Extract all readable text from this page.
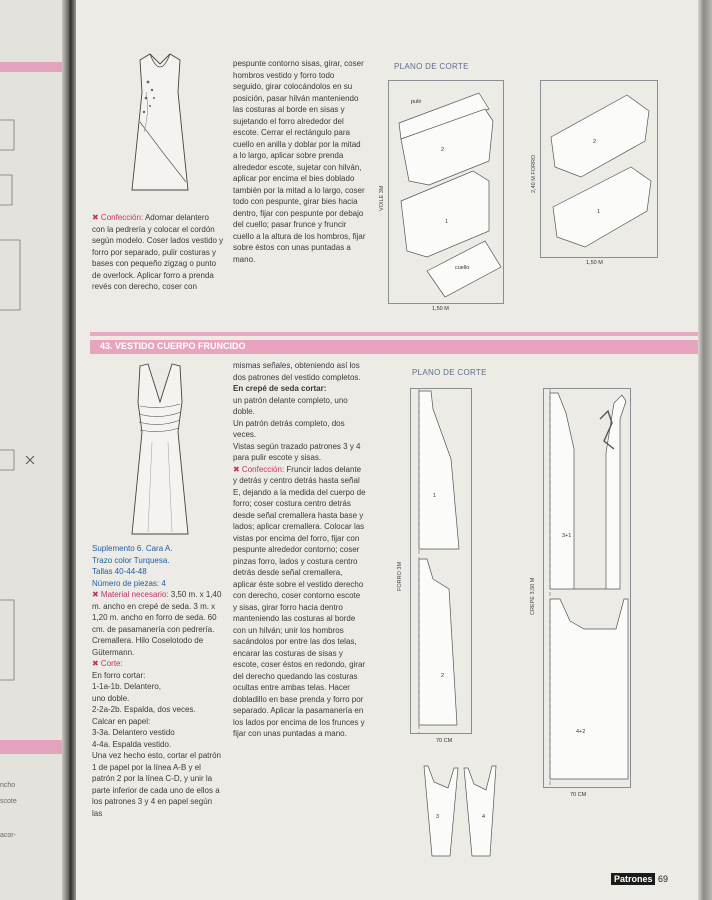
ncho
scote
acor-
✖ Confección: Adornar delantero con la pedrería y colocar el cordón según modelo. Coser lados vestido y forro por separado, pulir costuras y bases con pequeño zigzag o punto de overlock. Aplicar forro a prenda revés con derecho, coser con
pespunte contorno sisas, girar, coser hombros vestido y forro todo seguido, girar colocándolos en su posición, pasar hilván manteniendo las costuras al borde en sisas y sujetando el forro alrededor del escote. Cerrar el rectángulo para cuello en anilla y doblar por la mitad a lo largo, aplicar sobre prenda alrededor escote, sujetar con hilván, aplicar por encima el bies doblado también por la mitad a lo largo, coser todo con pespunte, girar bies hacia dentro, fijar con pespunte por debajo del cuello; pasar frunce y fruncir cuello a la altura de los hombros, fijar sobre éstos con unas puntadas a mano.
PLANO DE CORTE
pulir
2
1
cuello
VOILE 3M
1,50 M
2
1
2,40 M FORRO
1,50 M
43. VESTIDO CUERPO FRUNCIDO

Suplemento 6. Cara A.

Trazo color Turquesa.

Tallas 40-44-48

Número de piezas: 4

✖ Material necesario: 3,50 m. x 1,40 m. ancho en crepé de seda. 3 m. x 1,20 m. ancho en forro de seda. 60 cm. de pasamanería con pedrería. Cremallera. Hilo Coselotodo de Gütermann.

✖ Corte:

En forro cortar:

1-1a-1b. Delantero,

uno doble.

2-2a-2b. Espalda, dos veces.

Calcar en papel:

3-3a. Delantero vestido

4-4a. Espalda vestido.

Una vez hecho esto, cortar el patrón 1 de papel por la línea A-B y el patrón 2 por la línea C-D, y unir la parte inferior de cada uno de ellos a los patrones 3 y 4 en papel según las

mismas señales, obteniendo así los dos patrones del vestido completos.

En crepé de seda cortar:

un patrón delante completo, uno doble.

Un patrón detrás completo, dos veces.

Vistas según trazado patrones 3 y 4 para pulir escote y sisas.

✖ Confección: Fruncir lados delante y detrás y centro detrás hasta señal E, dejando a la medida del cuerpo de forro; coser costura centro detrás desde señal cremallera hasta base y lados; aplicar cremallera. Colocar las vistas por encima del forro, fijar con pespunte alrededor contorno; coser pinzas forro, lados y costura centro detrás desde señal cremallera, aplicar éste sobre el vestido derecho con derecho, coser contorno escote y sisas, girar forro hacia dentro manteniendo las costuras al borde con un hilván; unir los hombros sacándolos por entre las dos telas, encarar las costuras de sisas y escote, coser éstos en redondo, girar del derecho quedando las costuras ocultas entre ambas telas. Hacer dobladillo en base prenda y forro por separado. Aplicar la pasamanería en los lados por encima de los frunces y fijar con unas puntadas a mano.

PLANO DE CORTE
1
2
FORRO 3M
70 CM
3+1
4+2
CREPE 3,50 M
70 CM
3	4
Patrones 69
